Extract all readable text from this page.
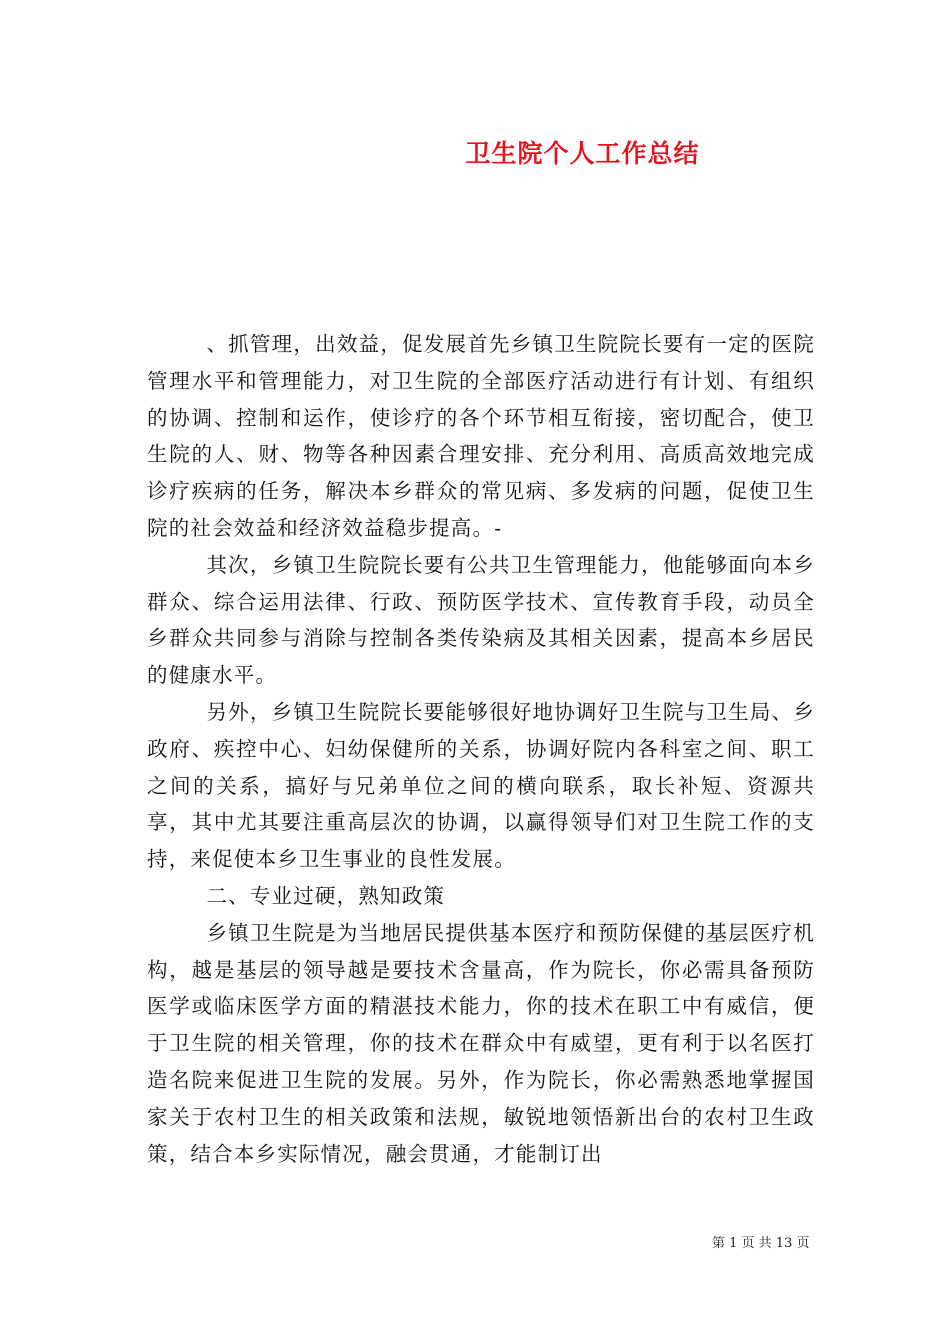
卫生院个人工作总结

、抓管理，出效益，促发展首先乡镇卫生院院长要有一定的医院管理水平和管理能力，对卫生院的全部医疗活动进行有计划、有组织的协调、控制和运作，使诊疗的各个环节相互衔接，密切配合，使卫生院的人、财、物等各种因素合理安排、充分利用、高质高效地完成诊疗疾病的任务，解决本乡群众的常见病、多发病的问题，促使卫生院的社会效益和经济效益稳步提高。-

其次，乡镇卫生院院长要有公共卫生管理能力，他能够面向本乡群众、综合运用法律、行政、预防医学技术、宣传教育手段，动员全乡群众共同参与消除与控制各类传染病及其相关因素，提高本乡居民的健康水平。

另外，乡镇卫生院院长要能够很好地协调好卫生院与卫生局、乡政府、疾控中心、妇幼保健所的关系，协调好院内各科室之间、职工之间的关系，搞好与兄弟单位之间的横向联系，取长补短、资源共享，其中尤其要注重高层次的协调，以赢得领导们对卫生院工作的支持，来促使本乡卫生事业的良性发展。

二、专业过硬，熟知政策

乡镇卫生院是为当地居民提供基本医疗和预防保健的基层医疗机构，越是基层的领导越是要技术含量高，作为院长，你必需具备预防医学或临床医学方面的精湛技术能力，你的技术在职工中有威信，便于卫生院的相关管理，你的技术在群众中有威望，更有利于以名医打造名院来促进卫生院的发展。另外，作为院长，你必需熟悉地掌握国家关于农村卫生的相关政策和法规，敏锐地领悟新出台的农村卫生政策，结合本乡实际情况，融会贯通，才能制订出

第 1 页 共 13 页
